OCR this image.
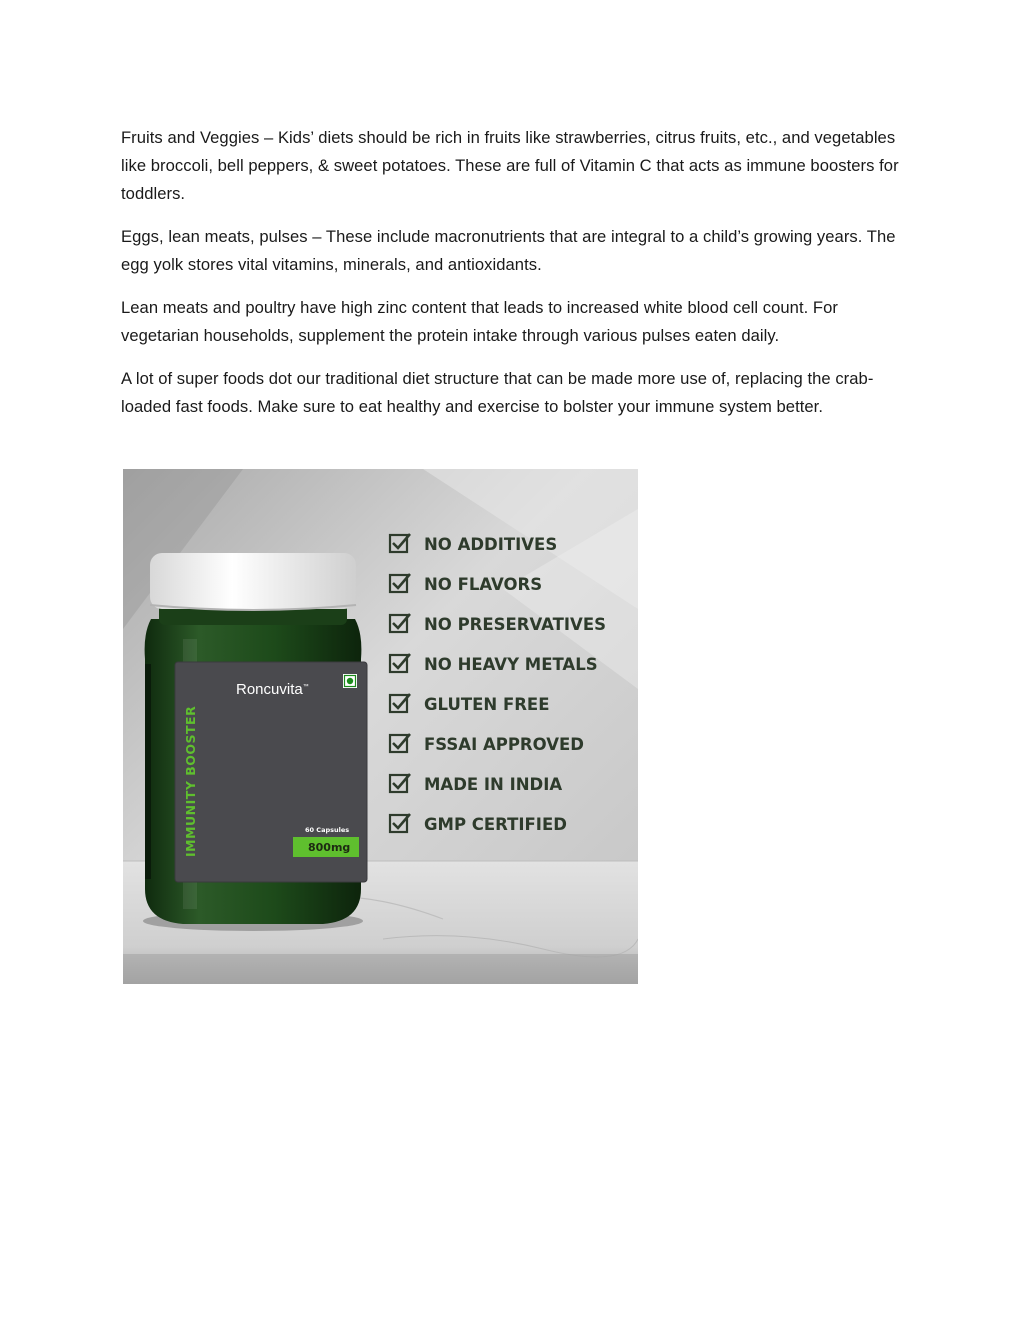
Fruits and Veggies – Kids’ diets should be rich in fruits like strawberries, citrus fruits, etc., and vegetables like broccoli, bell peppers, & sweet potatoes. These are full of Vitamin C that acts as immune boosters for toddlers.

Eggs, lean meats, pulses – These include macronutrients that are integral to a child’s growing years. The egg yolk stores vital vitamins, minerals, and antioxidants.

Lean meats and poultry have high zinc content that leads to increased white blood cell count. For vegetarian households, supplement the protein intake through various pulses eaten daily.

A lot of super foods dot our traditional diet structure that can be made more use of, replacing the crab-loaded fast foods. Make sure to eat healthy and exercise to bolster your immune system better.

Roncuvita™
IMMUNITY BOOSTER	60 Capsules
800mg
NO ADDITIVES
NO FLAVORS
NO PRESERVATIVES
NO HEAVY METALS
GLUTEN FREE
FSSAI APPROVED
MADE IN INDIA
GMP CERTIFIED
